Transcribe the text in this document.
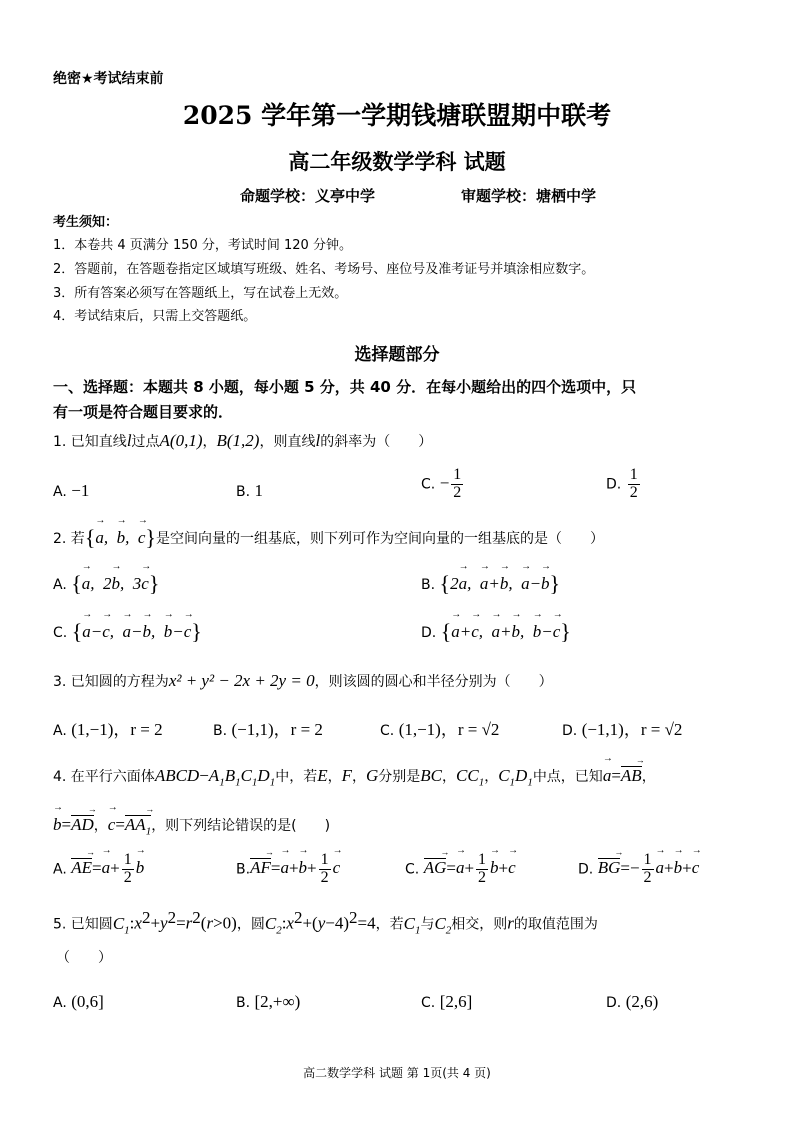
绝密★考试结束前
2025 学年第一学期钱塘联盟期中联考
高二年级数学学科 试题
命题学校：义亭中学	审题学校：塘栖中学
考生须知：
1．本卷共 4 页满分 150 分，考试时间 120 分钟。
2．答题前，在答题卷指定区域填写班级、姓名、考场号、座位号及准考证号并填涂相应数字。
3．所有答案必须写在答题纸上，写在试卷上无效。
4．考试结束后，只需上交答题纸。
选择题部分
一、选择题：本题共 8 小题，每小题 5 分，共 40 分．在每小题给出的四个选项中，只
有一项是符合题目要求的．
1. 已知直线l过点A(0,1)，B(1,2)，则直线l的斜率为（　　）
A. −1	B. 1	C. − $\frac{1}{2}$	D. $\frac{1}{2}$
2. 若{→ a,  → b,  → c}是空间向量的一组基底，则下列可作为空间向量的一组基底的是（　　）
A. {→ a,  2→ b,  3→ c}	B. {2→ a,  → a+→ b,  → a−→ b}
C. {→ a−→ c,  → a−→ b,  → b−→ c}	D. {→ a+→ c,  → a+→ b,  → b−→ c}
3. 已知圆的方程为x² + y² − 2x + 2y = 0，则该圆的圆心和半径分别为（　　）
A. (1,−1)，r = 2	B. (−1,1)，r = 2	C. (1,−1)，r = √2	D. (−1,1)，r = √2
4. 在平行六面体$ABCD-A_1B_1C_1D_1$中，若E，F，G分别是BC，$CC_1$，$C_1D_1$中点，已知→ a=AB →，
→ b=AD →，→ $c=AA_1$ →，则下列结论错误的是(　　)
A. AE →=→ $a+ \frac{1}{2} \to b$	B.AF →=→ $a+\to b+ \frac{1}{2} \to c$	C. AG →=→ $a+ \frac{1}{2} \to b+\to c$	D. BG →=− $\frac{1}{2} \to a+\to b+\to c$
5. 已知圆$C_1:x^2+y^2=r^2(r>0)$，圆$C_2:x^2+(y-4)^2=4$，若$C_1$与$C_2$相交，则r的取值范围为
（　　）
A. (0,6]	B. [2,+∞)	C. [2,6]	D. (2,6)
高二数学学科 试题 第 1页(共 4 页)
